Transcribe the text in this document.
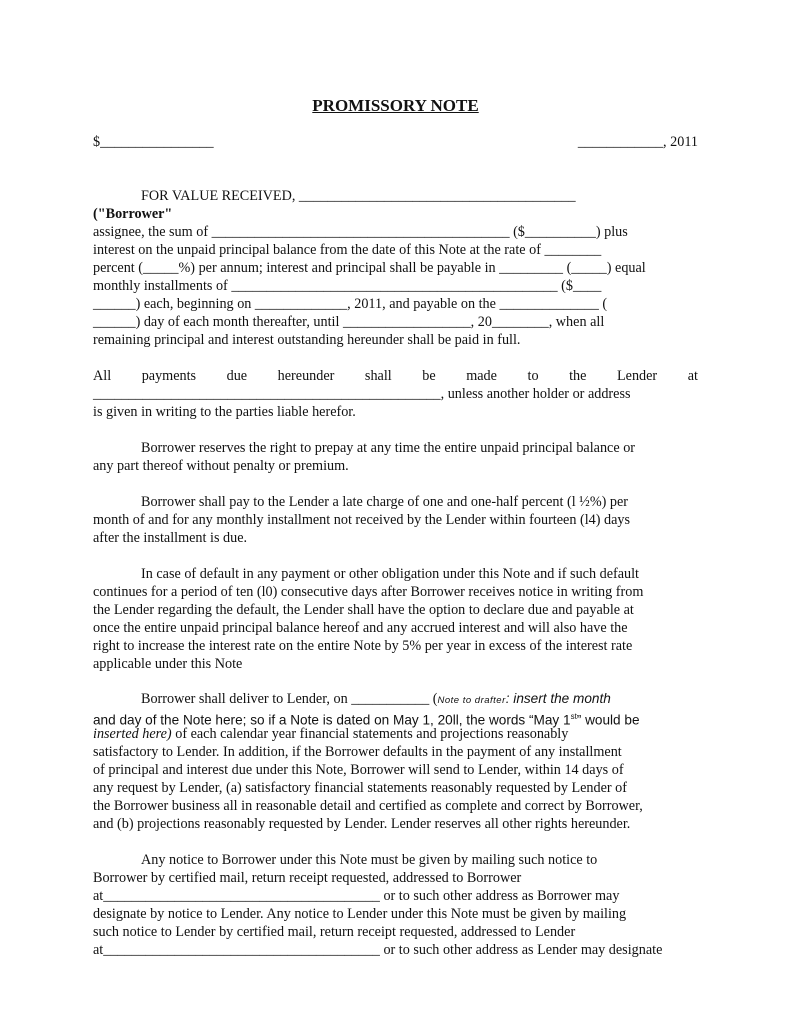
PROMISSORY NOTE
$________________	____________, 2011
FOR VALUE RECEIVED, _______________________________________
("Borrower"
assignee, the sum of __________________________________________ ($__________) plus
interest on the unpaid principal balance from the date of this Note at the rate of ________
percent (_____%) per annum; interest and principal shall be payable in _________ (_____) equal
monthly installments of ______________________________________________ ($____
______) each, beginning on _____________, 2011, and payable on the ______________ (
______) day of each month thereafter, until __________________, 20________, when all
remaining principal and interest outstanding hereunder shall be paid in full.
All payments due hereunder shall be made to the Lender at
_________________________________________________, unless another holder or address
is given in writing to the parties liable herefor.
Borrower reserves the right to prepay at any time the entire unpaid principal balance or
any part thereof without penalty or premium.
Borrower shall pay to the Lender a late charge of one and one-half percent (l ½%) per
month of and for any monthly installment not received by the Lender within fourteen (l4) days
after the installment is due.
In case of default in any payment or other obligation under this Note and if such default
continues for a period of ten (l0) consecutive days after Borrower receives notice in writing from
the Lender regarding the default, the Lender shall have the option to declare due and payable at
once the entire unpaid principal balance hereof and any accrued interest and will also have the
right to increase the interest rate on the entire Note by 5% per year in excess of the interest rate
applicable under this Note
Borrower shall deliver to Lender, on ___________ (Note to drafter: insert the month
and day of the Note here; so if a Note is dated on May 1, 20ll, the words “May 1st” would be
inserted here) of each calendar year financial statements and projections reasonably
satisfactory to Lender. In addition, if the Borrower defaults in the payment of any installment
of principal and interest due under this Note, Borrower will send to Lender, within 14 days of
any request by Lender, (a) satisfactory financial statements reasonably requested by Lender of
the Borrower business all in reasonable detail and certified as complete and correct by Borrower,
and (b) projections reasonably requested by Lender. Lender reserves all other rights hereunder.
Any notice to Borrower under this Note must be given by mailing such notice to
Borrower by certified mail, return receipt requested, addressed to Borrower
at_______________________________________ or to such other address as Borrower may
designate by notice to Lender. Any notice to Lender under this Note must be given by mailing
such notice to Lender by certified mail, return receipt requested, addressed to Lender
at_______________________________________ or to such other address as Lender may designate
